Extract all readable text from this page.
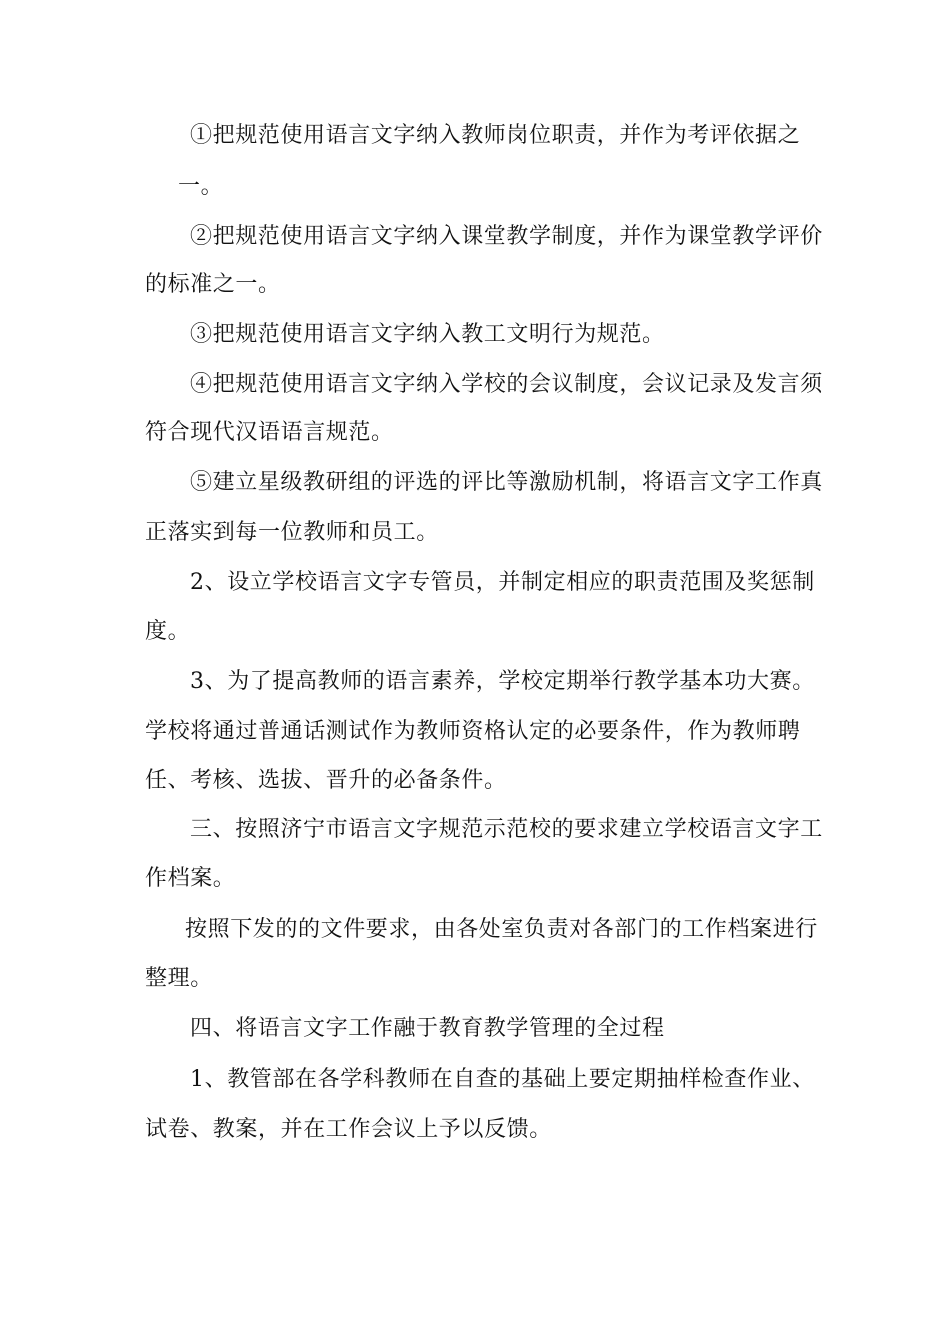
①把规范使用语言文字纳入教师岗位职责，并作为考评依据之
一。
②把规范使用语言文字纳入课堂教学制度，并作为课堂教学评价
的标准之一。
③把规范使用语言文字纳入教工文明行为规范。
④把规范使用语言文字纳入学校的会议制度，会议记录及发言须
符合现代汉语语言规范。
⑤建立星级教研组的评选的评比等激励机制，将语言文字工作真
正落实到每一位教师和员工。
2、设立学校语言文字专管员，并制定相应的职责范围及奖惩制
度。
3、为了提高教师的语言素养，学校定期举行教学基本功大赛。
学校将通过普通话测试作为教师资格认定的必要条件，作为教师聘
任、考核、选拔、晋升的必备条件。
三、按照济宁市语言文字规范示范校的要求建立学校语言文字工
作档案。
按照下发的的文件要求，由各处室负责对各部门的工作档案进行
整理。
四、将语言文字工作融于教育教学管理的全过程
1、教管部在各学科教师在自查的基础上要定期抽样检查作业、
试卷、教案，并在工作会议上予以反馈。
